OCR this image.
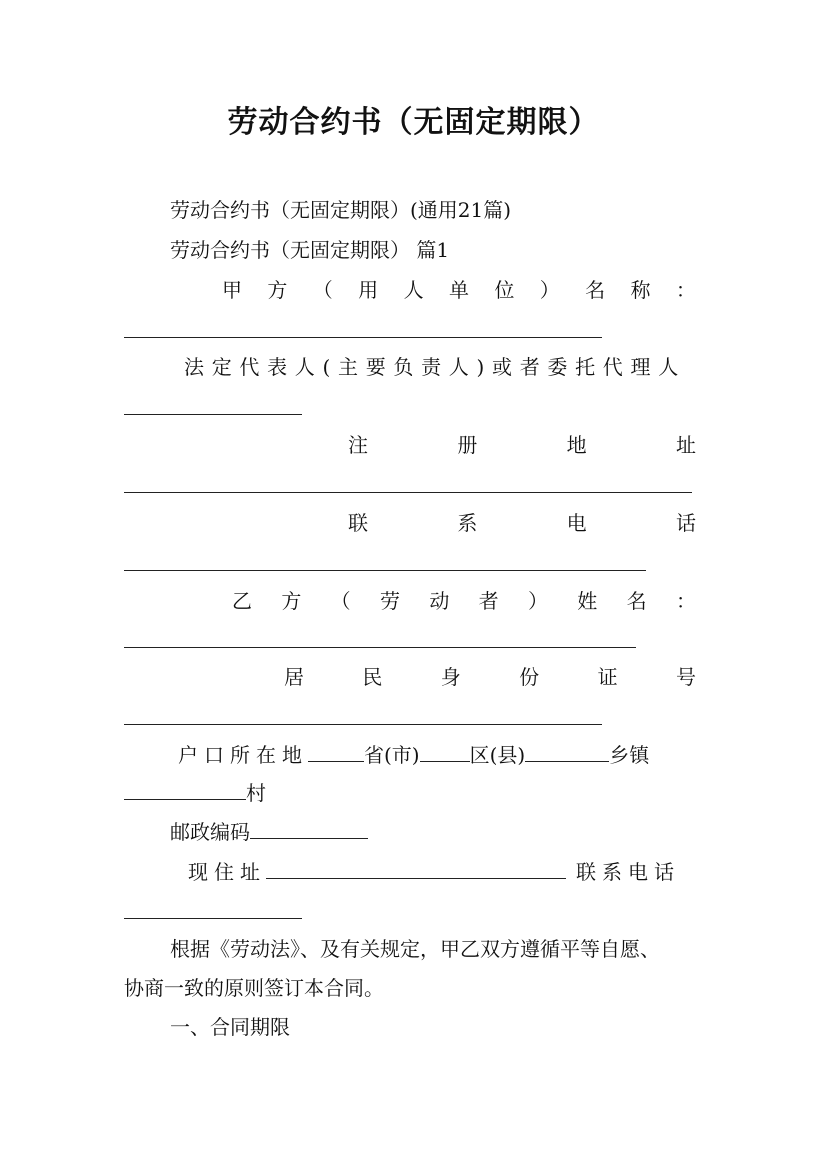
劳动合约书（无固定期限）
劳动合约书（无固定期限）(通用21篇)
劳动合约书（无固定期限） 篇1
甲 方 （ 用 人 单 位 ） 名 称 ：
法定代表人(主要负责人)或者委托代理人
注	册	地	址
联	系	电	话
乙 方 （ 劳 动 者 ） 姓 名 ：
居	民	身	份	证	号
户口所在地	省(市)	区(县)	乡镇
村
邮政编码
现住址	联系电话
根据《劳动法》、及有关规定，甲乙双方遵循平等自愿、
协商一致的原则签订本合同。
一、合同期限
